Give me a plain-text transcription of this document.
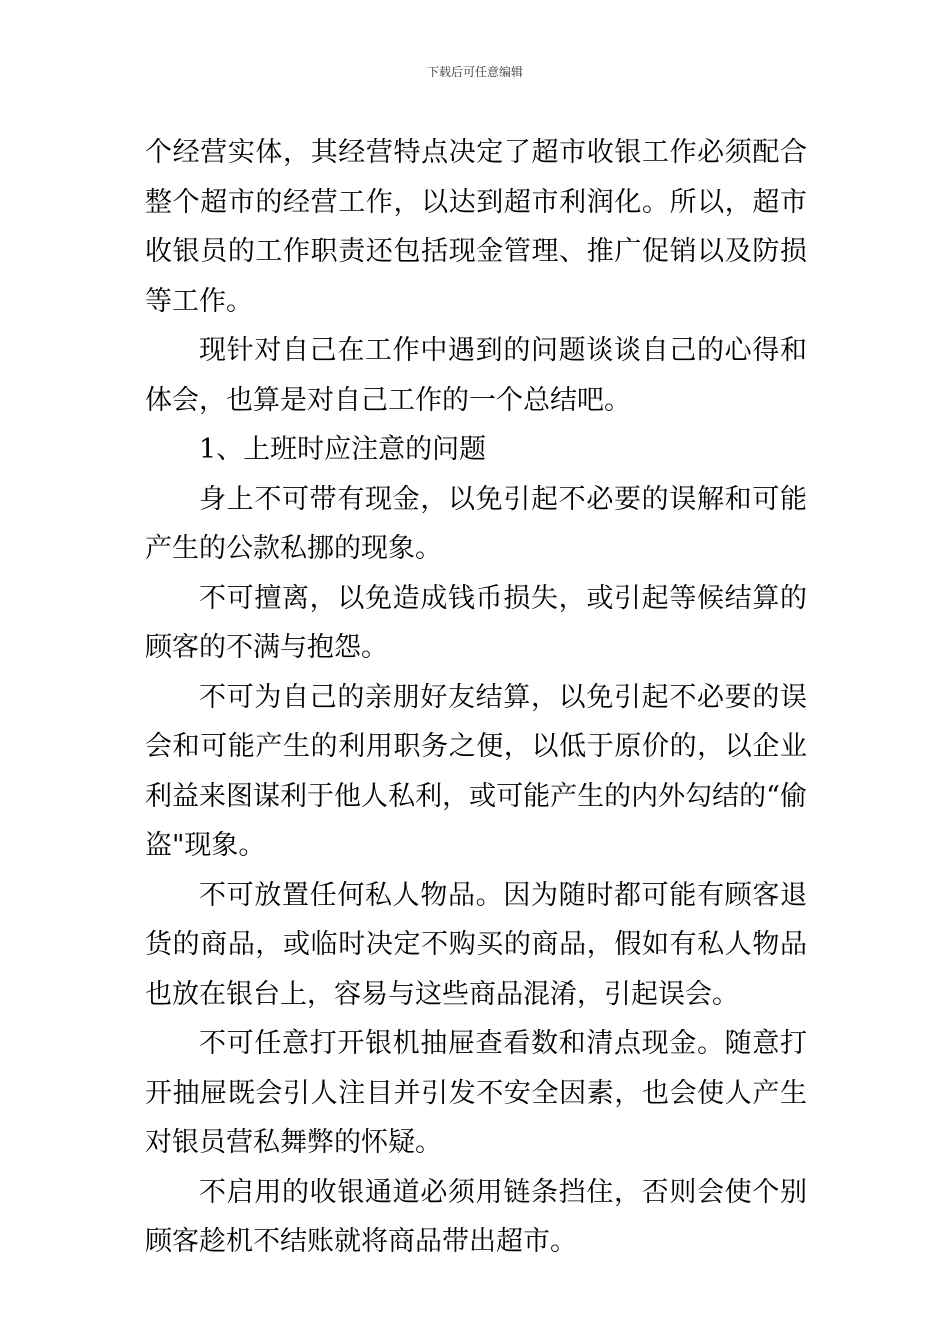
下载后可任意编辑

个经营实体，其经营特点决定了超市收银工作必须配合整个超市的经营工作，以达到超市利润化。所以，超市收银员的工作职责还包括现金管理、推广促销以及防损等工作。

现针对自己在工作中遇到的问题谈谈自己的心得和体会，也算是对自己工作的一个总结吧。

1、上班时应注意的问题

身上不可带有现金，以免引起不必要的误解和可能产生的公款私挪的现象。

不可擅离，以免造成钱币损失，或引起等候结算的顾客的不满与抱怨。

不可为自己的亲朋好友结算，以免引起不必要的误会和可能产生的利用职务之便，以低于原价的，以企业利益来图谋利于他人私利，或可能产生的内外勾结的“偷盗"现象。

不可放置任何私人物品。因为随时都可能有顾客退货的商品，或临时决定不购买的商品，假如有私人物品也放在银台上，容易与这些商品混淆，引起误会。

不可任意打开银机抽屉查看数和清点现金。随意打开抽屉既会引人注目并引发不安全因素，也会使人产生对银员营私舞弊的怀疑。

不启用的收银通道必须用链条挡住，否则会使个别顾客趁机不结账就将商品带出超市。
